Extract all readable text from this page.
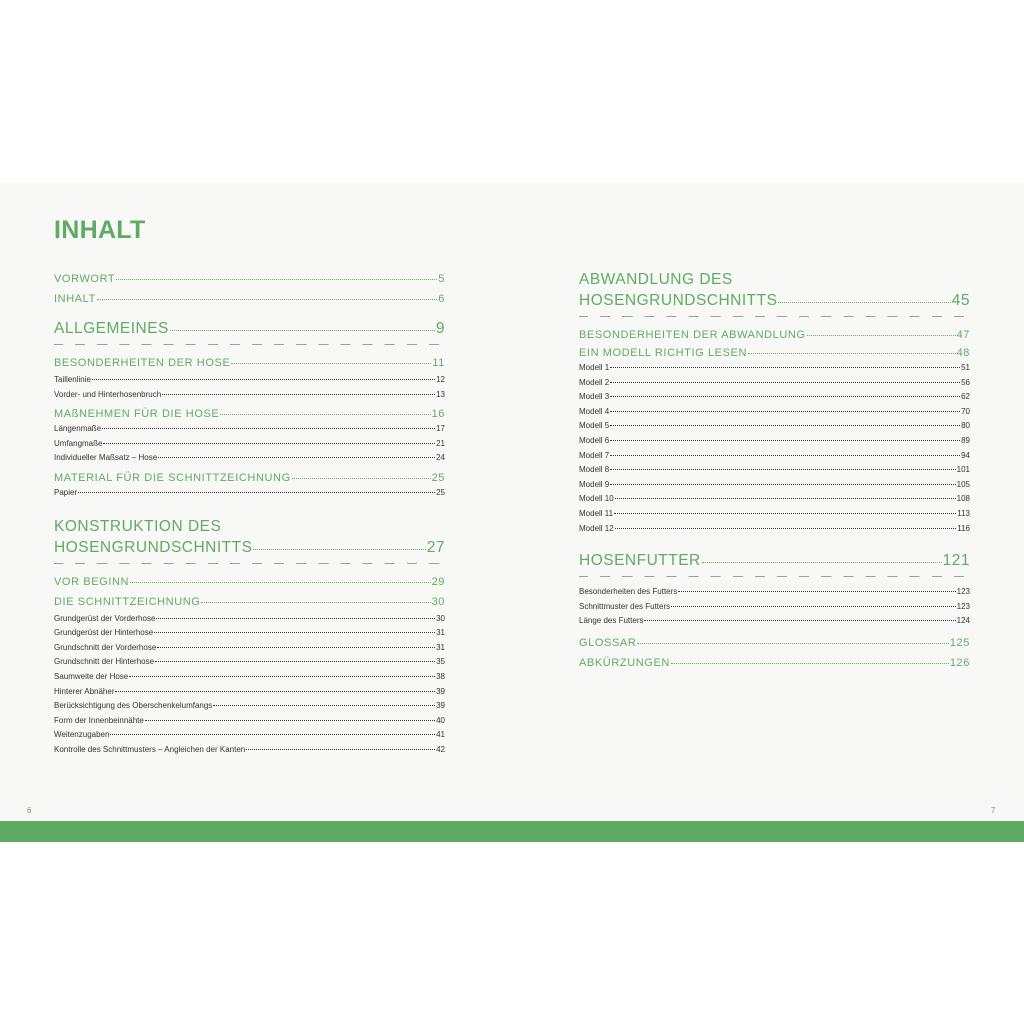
6	7
INHALT
VORWORT	5
INHALT	6
ALLGEMEINES	9
BESONDERHEITEN DER HOSE	11
Taillenlinie	12
Vorder- und Hinterhosenbruch	13
MAßNEHMEN FÜR DIE HOSE	16
Längenmaße	17
Umfangmaße	21
Individueller Maßsatz – Hose	24
MATERIAL FÜR DIE SCHNITTZEICHNUNG	25
Papier	25
KONSTRUKTION DES
HOSENGRUNDSCHNITTS	27
VOR BEGINN	29
DIE SCHNITTZEICHNUNG	30
Grundgerüst der Vorderhose	30
Grundgerüst der Hinterhose	31
Grundschnitt der Vorderhose	31
Grundschnitt der Hinterhose	35
Saumweite der Hose	38
Hinterer Abnäher	39
Berücksichtigung des Oberschenkelumfangs	39
Form der Innenbeinnähte	40
Weitenzugaben	41
Kontrolle des Schnittmusters – Angleichen der Kanten	42
ABWANDLUNG DES
HOSENGRUNDSCHNITTS	45
BESONDERHEITEN DER ABWANDLUNG	47
EIN MODELL RICHTIG LESEN	48
Modell 1	51
Modell 2	56
Modell 3	62
Modell 4	70
Modell 5	80
Modell 6	89
Modell 7	94
Modell 8	101
Modell 9	105
Modell 10	108
Modell 11	113
Modell 12	116
HOSENFUTTER	121
Besonderheiten des Futters	123
Schnittmuster des Futters	123
Länge des Futters	124
GLOSSAR	125
ABKÜRZUNGEN	126
